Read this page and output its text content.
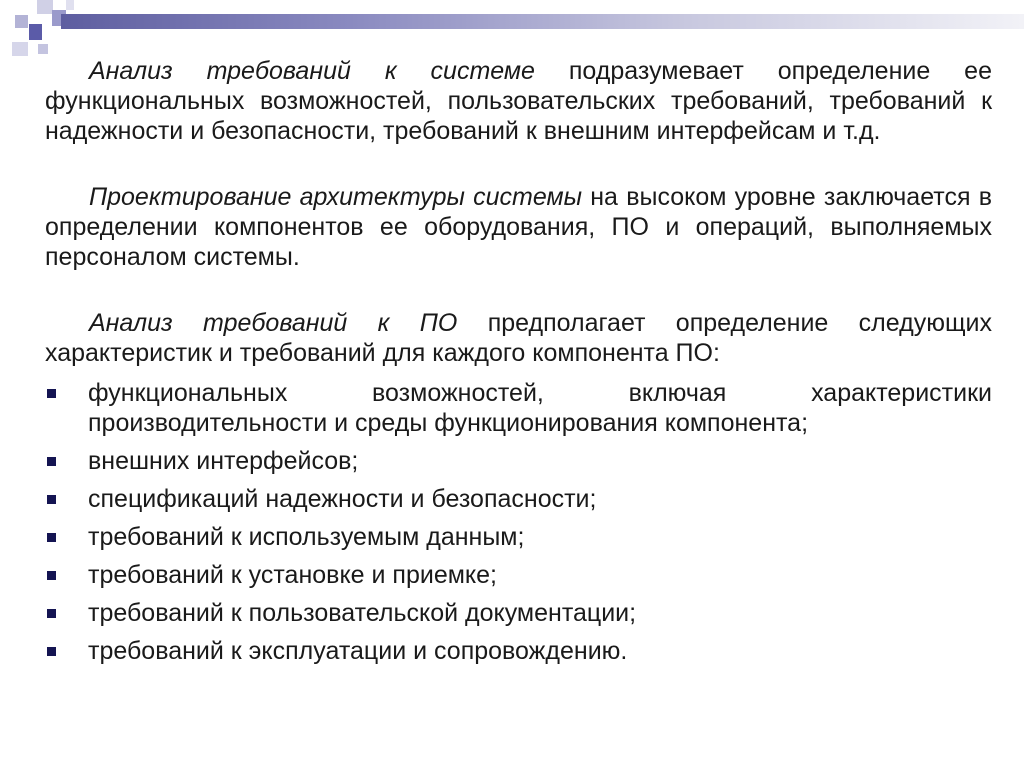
Анализ требований к системе подразумевает определение ее функциональных возможностей, пользовательских требований, требований к надежности и безопасности, требований к внешним интерфейсам и т.д.

Проектирование архитектуры системы на высоком уровне заключается в определении компонентов ее оборудования, ПО и операций, выполняемых персоналом системы.

Анализ требований к ПО предполагает определение следующих характеристик и требований для каждого компонента ПО:

функциональных возможностей, включая характеристики производительности и среды функционирования компонента;
внешних интерфейсов;
спецификаций надежности и безопасности;
требований к используемым данным;
требований к установке и приемке;
требований к пользовательской документации;
требований к эксплуатации и сопровождению.
